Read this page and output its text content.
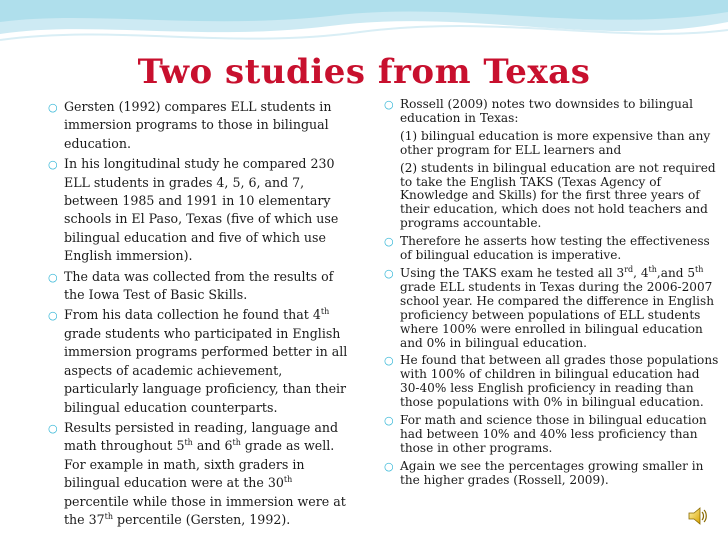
Two studies from Texas
○ Gersten (1992) compares ELL students in immersion programs to those in bilingual education.
○ In his longitudinal study he compared 230 ELL students in grades 4, 5, 6, and 7, between 1985 and 1991 in 10 elementary schools in El Paso, Texas (five of which use bilingual education and five of which use English immersion).
○ The data was collected from the results of the Iowa Test of Basic Skills.
○ From his data collection he found that 4th grade students who participated in English immersion programs performed better in all aspects of academic achievement, particularly language proficiency, than their bilingual education counterparts.
○ Results persisted in reading, language and math throughout 5th and 6th grade as well. For example in math, sixth graders in bilingual education were at the 30th percentile while those in immersion were at the 37th percentile (Gersten, 1992).
○ Rossell (2009) notes two downsides to bilingual education in Texas:
(1) bilingual education is more expensive than any other program for ELL learners and
(2) students in bilingual education are not required to take the English TAKS (Texas Agency of Knowledge and Skills) for the first three years of their education, which does not hold teachers and programs accountable.
○ Therefore he asserts how testing the effectiveness of bilingual education is imperative.
○ Using the TAKS exam he tested all 3rd, 4th,and 5th grade ELL students in Texas during the 2006-2007 school year. He compared the difference in English proficiency between populations of ELL students where 100% were enrolled in bilingual education and 0% in bilingual education.
○ He found that between all grades those populations with 100% of children in bilingual education had 30-40% less English proficiency in reading than those populations with 0% in bilingual education.
○ For math and science those in bilingual education had between 10% and 40% less proficiency than those in other programs.
○ Again we see the percentages growing smaller in the higher grades (Rossell, 2009).
